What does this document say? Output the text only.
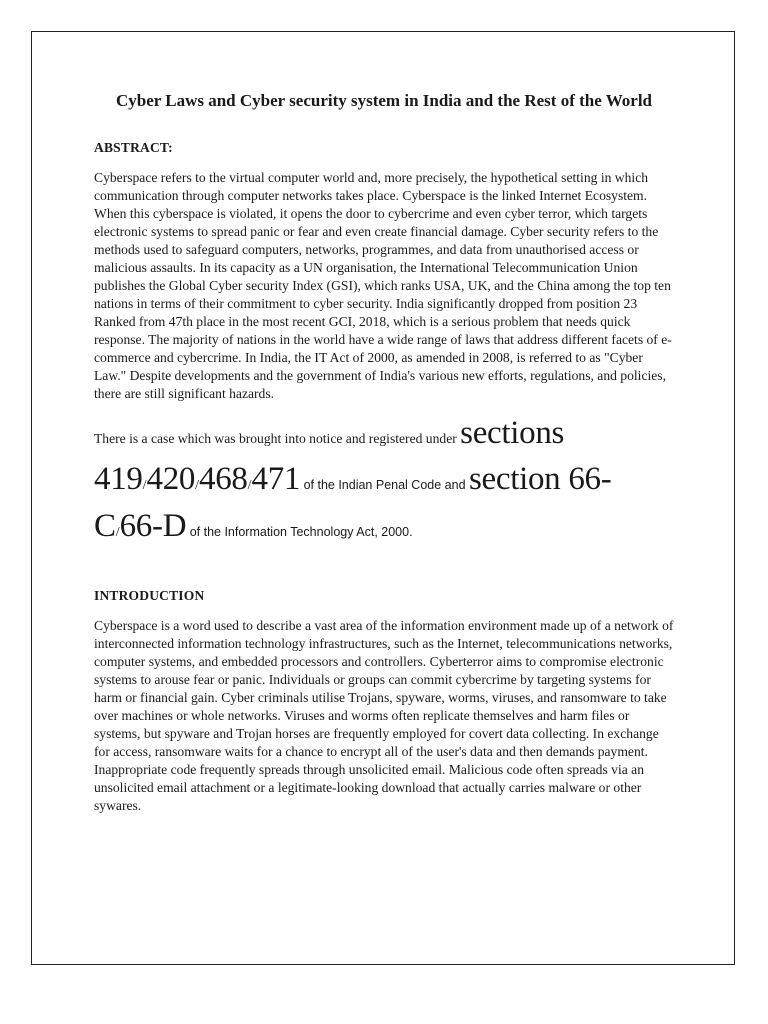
Cyber Laws and Cyber security system in India and the Rest of the World
ABSTRACT:

Cyberspace refers to the virtual computer world and, more precisely, the hypothetical setting in which communication through computer networks takes place. Cyberspace is the linked Internet Ecosystem. When this cyberspace is violated, it opens the door to cybercrime and even cyber terror, which targets electronic systems to spread panic or fear and even create financial damage. Cyber security refers to the methods used to safeguard computers, networks, programmes, and data from unauthorised access or malicious assaults. In its capacity as a UN organisation, the International Telecommunication Union publishes the Global Cyber security Index (GSI), which ranks USA, UK, and the China among the top ten nations in terms of their commitment to cyber security. India significantly dropped from position 23 Ranked from 47th place in the most recent GCI, 2018, which is a serious problem that needs quick response. The majority of nations in the world have a wide range of laws that address different facets of e-commerce and cybercrime. In India, the IT Act of 2000, as amended in 2008, is referred to as "Cyber Law." Despite developments and the government of India's various new efforts, regulations, and policies, there are still significant hazards.

There is a case which was brought into notice and registered under sections
419/420/468/471 of the Indian Penal Code and section 66-
C/66-D of the Information Technology Act, 2000.
INTRODUCTION

Cyberspace is a word used to describe a vast area of the information environment made up of a network of interconnected information technology infrastructures, such as the Internet, telecommunications networks, computer systems, and embedded processors and controllers. Cyberterror aims to compromise electronic systems to arouse fear or panic. Individuals or groups can commit cybercrime by targeting systems for harm or financial gain. Cyber criminals utilise Trojans, spyware, worms, viruses, and ransomware to take over machines or whole networks. Viruses and worms often replicate themselves and harm files or systems, but spyware and Trojan horses are frequently employed for covert data collecting. In exchange for access, ransomware waits for a chance to encrypt all of the user's data and then demands payment. Inappropriate code frequently spreads through unsolicited email. Malicious code often spreads via an unsolicited email attachment or a legitimate-looking download that actually carries malware or other sywares.
